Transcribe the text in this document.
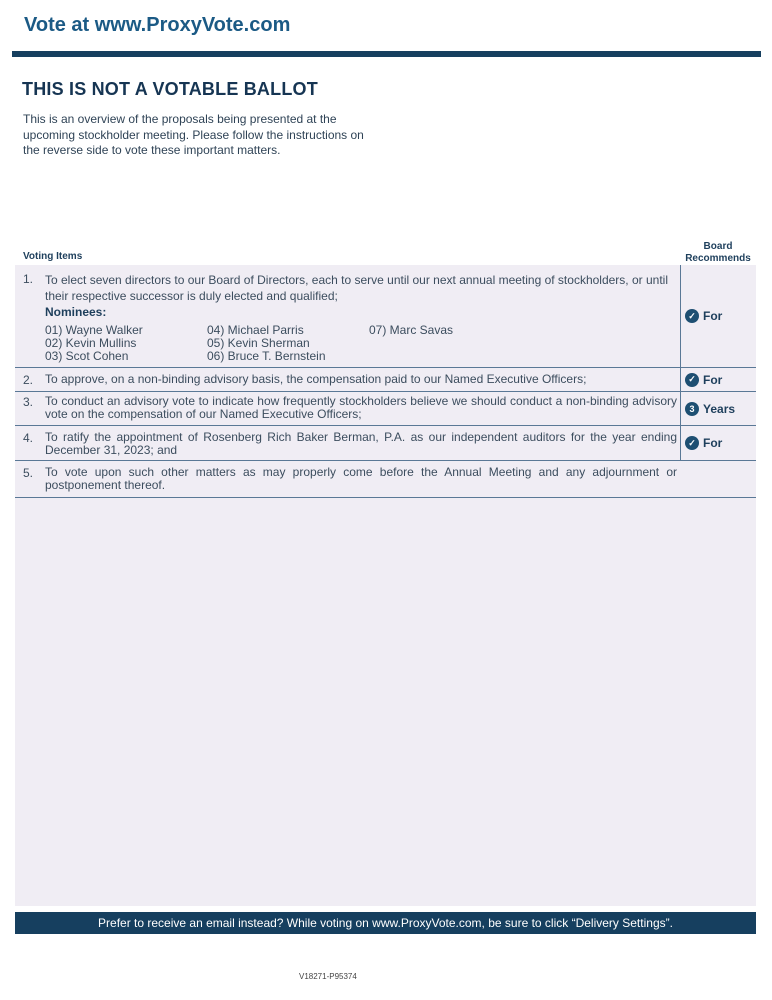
Vote at www.ProxyVote.com
THIS IS NOT A VOTABLE BALLOT
This is an overview of the proposals being presented at the
upcoming stockholder meeting. Please follow the instructions on
the reverse side to vote these important matters.
Voting Items
Board
Recommends
1. To elect seven directors to our Board of Directors, each to serve until our next annual meeting of stockholders, or until their respective successor is duly elected and qualified;
Nominees:
01) Wayne Walker
02) Kevin Mullins
03) Scot Cohen
04) Michael Parris
05) Kevin Sherman
06) Bruce T. Bernstein
07) Marc Savas
✓ For
2. To approve, on a non-binding advisory basis, the compensation paid to our Named Executive Officers;	✓ For
3. To conduct an advisory vote to indicate how frequently stockholders believe we should conduct a non-binding advisory vote on the compensation of our Named Executive Officers;	3 Years
4. To ratify the appointment of Rosenberg Rich Baker Berman, P.A. as our independent auditors for the year ending December 31, 2023; and
✓ For
5. To vote upon such other matters as may properly come before the Annual Meeting and any adjournment or postponement thereof.
Prefer to receive an email instead? While voting on www.ProxyVote.com, be sure to click “Delivery Settings”.
V18271-P95374
